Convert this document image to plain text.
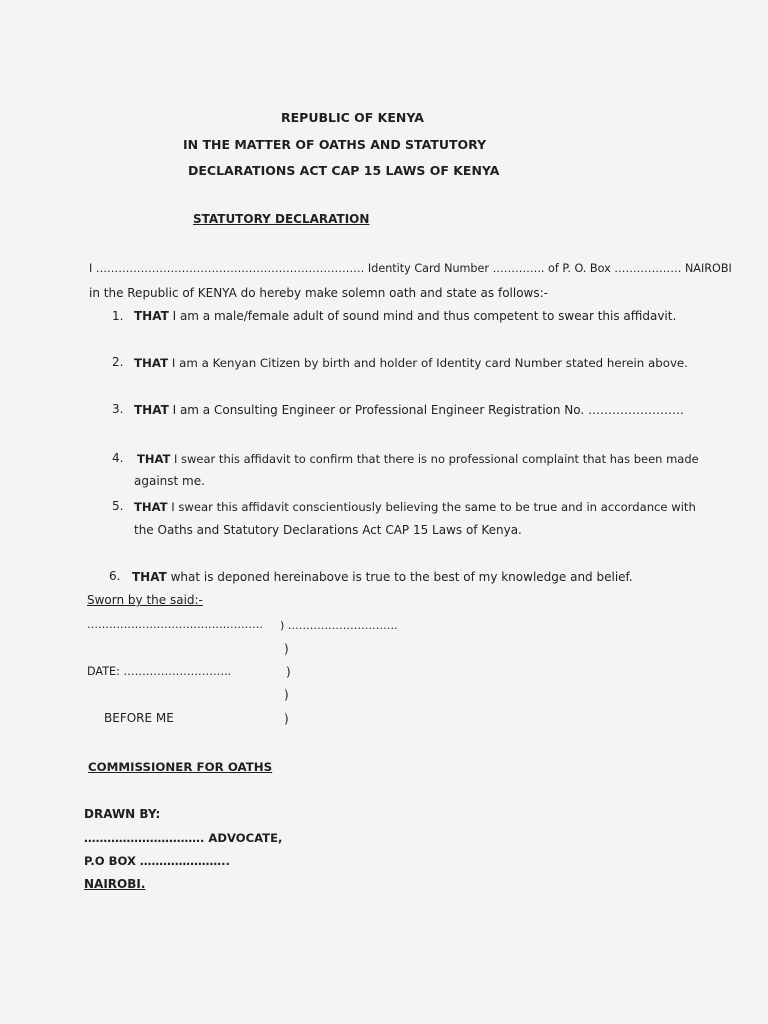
REPUBLIC OF KENYA
IN THE MATTER OF OATHS AND STATUTORY
DECLARATIONS ACT CAP 15 LAWS OF KENYA
STATUTORY DECLARATION
I ……………………………………………………………… Identity Card Number ………….. of P. O. Box ……………… NAIROBI
in the Republic of KENYA do hereby make solemn oath and state as follows:-
1. THAT I am a male/female adult of sound mind and thus competent to swear this affidavit.
2. THAT I am a Kenyan Citizen by birth and holder of Identity card Number stated herein above.
3. THAT I am a Consulting Engineer or Professional Engineer Registration No. ……………………
4. THAT I swear this affidavit to confirm that there is no professional complaint that has been made
against me.
5. THAT I swear this affidavit conscientiously believing the same to be true and in accordance with
the Oaths and Statutory Declarations Act CAP 15 Laws of Kenya.
6. THAT what is deponed hereinabove is true to the best of my knowledge and belief.
Sworn by the said:-
………………………………………… ) …………………………
)
DATE: ………………………..	)
)
BEFORE ME	)
COMMISSIONER FOR OATHS
DRAWN BY:
…………………………. ADVOCATE,
P.O BOX …………………..
NAIROBI.
